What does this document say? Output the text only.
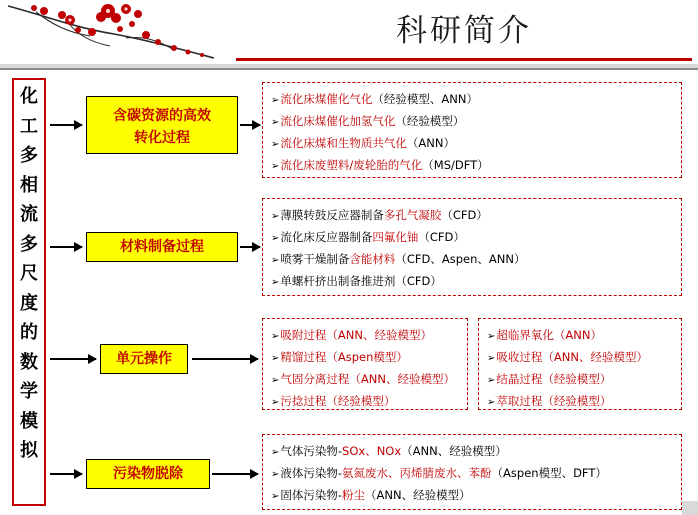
科研简介
化
工
多
相
流
多
尺
度
的
数
学
模
拟
含碳资源的高效
转化过程
材料制备过程
单元操作
污染物脱除
➢流化床煤催化气化（经验模型、ANN）
➢流化床煤催化加氢气化（经验模型）
➢流化床煤和生物质共气化（ANN）
➢流化床废塑料/废轮胎的气化（MS/DFT）
➢薄膜转鼓反应器制备多孔气凝胶（CFD）
➢流化床反应器制备四氟化铀（CFD）
➢喷雾干燥制备含能材料（CFD、Aspen、ANN）
➢单螺杆挤出制备推进剂（CFD）
➢吸附过程（ANN、经验模型）
➢精馏过程（Aspen模型）
➢气固分离过程（ANN、经验模型）
➢污捻过程（经验模型）
➢超临界氧化（ANN）
➢吸收过程（ANN、经验模型）
➢结晶过程（经验模型）
➢萃取过程（经验模型）
➢气体污染物-SOx、NOx（ANN、经验模型）
➢液体污染物-氨氮废水、丙烯腈废水、苯酚（Aspen模型、DFT）
➢固体污染物-粉尘（ANN、经验模型）
